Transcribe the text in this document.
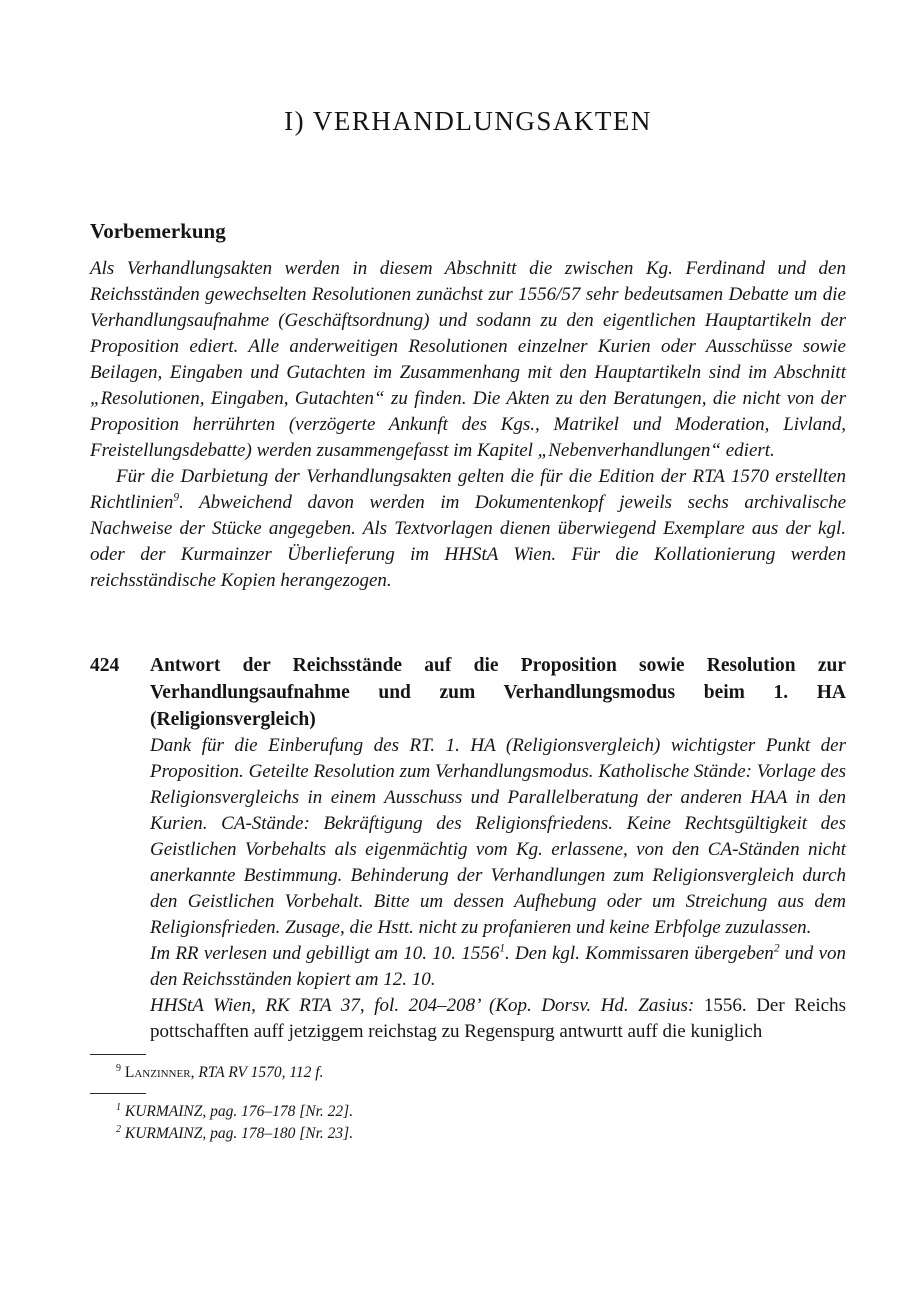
I) VERHANDLUNGSAKTEN
Vorbemerkung

Als Verhandlungsakten werden in diesem Abschnitt die zwischen Kg. Ferdinand und den Reichsständen gewechselten Resolutionen zunächst zur 1556/57 sehr bedeutsamen Debatte um die Verhandlungsaufnahme (Geschäftsordnung) und sodann zu den eigentlichen Hauptartikeln der Proposition ediert. Alle anderweitigen Resolutionen einzelner Kurien oder Ausschüsse sowie Beilagen, Eingaben und Gutachten im Zusammenhang mit den Hauptartikeln sind im Abschnitt „Resolutionen, Eingaben, Gutachten“ zu finden. Die Akten zu den Beratungen, die nicht von der Proposition herrührten (verzögerte Ankunft des Kgs., Matrikel und Moderation, Livland, Freistellungsdebatte) werden zusammengefasst im Kapitel „Nebenverhandlungen“ ediert.

Für die Darbietung der Verhandlungsakten gelten die für die Edition der RTA 1570 erstellten Richtlinien$^9$. Abweichend davon werden im Dokumentenkopf jeweils sechs archivalische Nachweise der Stücke angegeben. Als Textvorlagen dienen überwiegend Exemplare aus der kgl. oder der Kurmainzer Überlieferung im HHStA Wien. Für die Kollationierung werden reichsständische Kopien herangezogen.

424	Antwort der Reichsstände auf die Proposition sowie Resolution zur Verhandlungsaufnahme und zum Verhandlungsmodus beim 1. HA (Religionsvergleich)

Dank für die Einberufung des RT. 1. HA (Religionsvergleich) wichtigster Punkt der Proposition. Geteilte Resolution zum Verhandlungsmodus. Katholische Stände: Vorlage des Religionsvergleichs in einem Ausschuss und Parallelberatung der anderen HAA in den Kurien. CA-Stände: Bekräftigung des Religionsfriedens. Keine Rechtsgültigkeit des Geistlichen Vorbehalts als eigenmächtig vom Kg. erlassene, von den CA-Ständen nicht anerkannte Bestimmung. Behinderung der Verhandlungen zum Religionsvergleich durch den Geistlichen Vorbehalt. Bitte um dessen Aufhebung oder um Streichung aus dem Religionsfrieden. Zusage, die Hstt. nicht zu profanieren und keine Erbfolge zuzulassen.

Im RR verlesen und gebilligt am 10. 10. 1556$^1$. Den kgl. Kommissaren übergeben$^2$ und von den Reichsständen kopiert am 12. 10.

HHStA Wien, RK RTA 37, fol. 204–208’ (Kop. Dorsv. Hd. Zasius: 1556. Der Reichs pottschafften auff jetziggem reichstag zu Regenspurg antwurtt auff die kuniglich

$^9$ Lanzinner, RTA RV 1570, 112 f.

$^1$ KURMAINZ, pag. 176–178 [Nr. 22].

$^2$ KURMAINZ, pag. 178–180 [Nr. 23].
